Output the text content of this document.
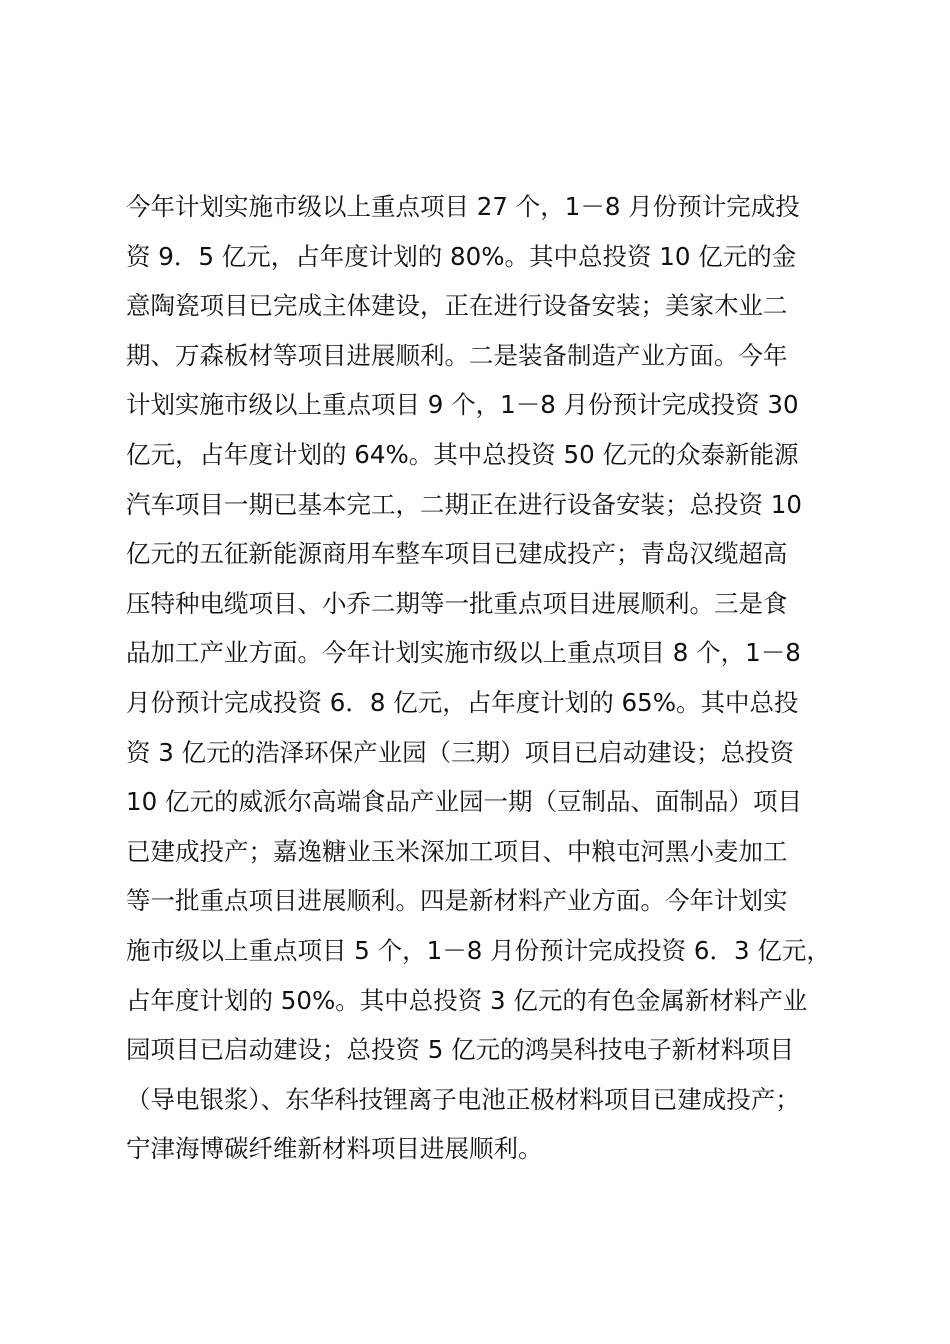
今年计划实施市级以上重点项目 27 个，1－8 月份预计完成投
资 9．5 亿元，占年度计划的 80%。其中总投资 10 亿元的金
意陶瓷项目已完成主体建设，正在进行设备安装；美家木业二
期、万森板材等项目进展顺利。二是装备制造产业方面。今年
计划实施市级以上重点项目 9 个，1－8 月份预计完成投资 30
亿元，占年度计划的 64%。其中总投资 50 亿元的众泰新能源
汽车项目一期已基本完工，二期正在进行设备安装；总投资 10
亿元的五征新能源商用车整车项目已建成投产；青岛汉缆超高
压特种电缆项目、小乔二期等一批重点项目进展顺利。三是食
品加工产业方面。今年计划实施市级以上重点项目 8 个，1－8
月份预计完成投资 6．8 亿元，占年度计划的 65%。其中总投
资 3 亿元的浩泽环保产业园（三期）项目已启动建设；总投资
10 亿元的威派尔高端食品产业园一期（豆制品、面制品）项目
已建成投产；嘉逸糖业玉米深加工项目、中粮屯河黑小麦加工
等一批重点项目进展顺利。四是新材料产业方面。今年计划实
施市级以上重点项目 5 个，1－8 月份预计完成投资 6．3 亿元，
占年度计划的 50%。其中总投资 3 亿元的有色金属新材料产业
园项目已启动建设；总投资 5 亿元的鸿昊科技电子新材料项目
（导电银浆）、东华科技锂离子电池正极材料项目已建成投产；
宁津海博碳纤维新材料项目进展顺利。
